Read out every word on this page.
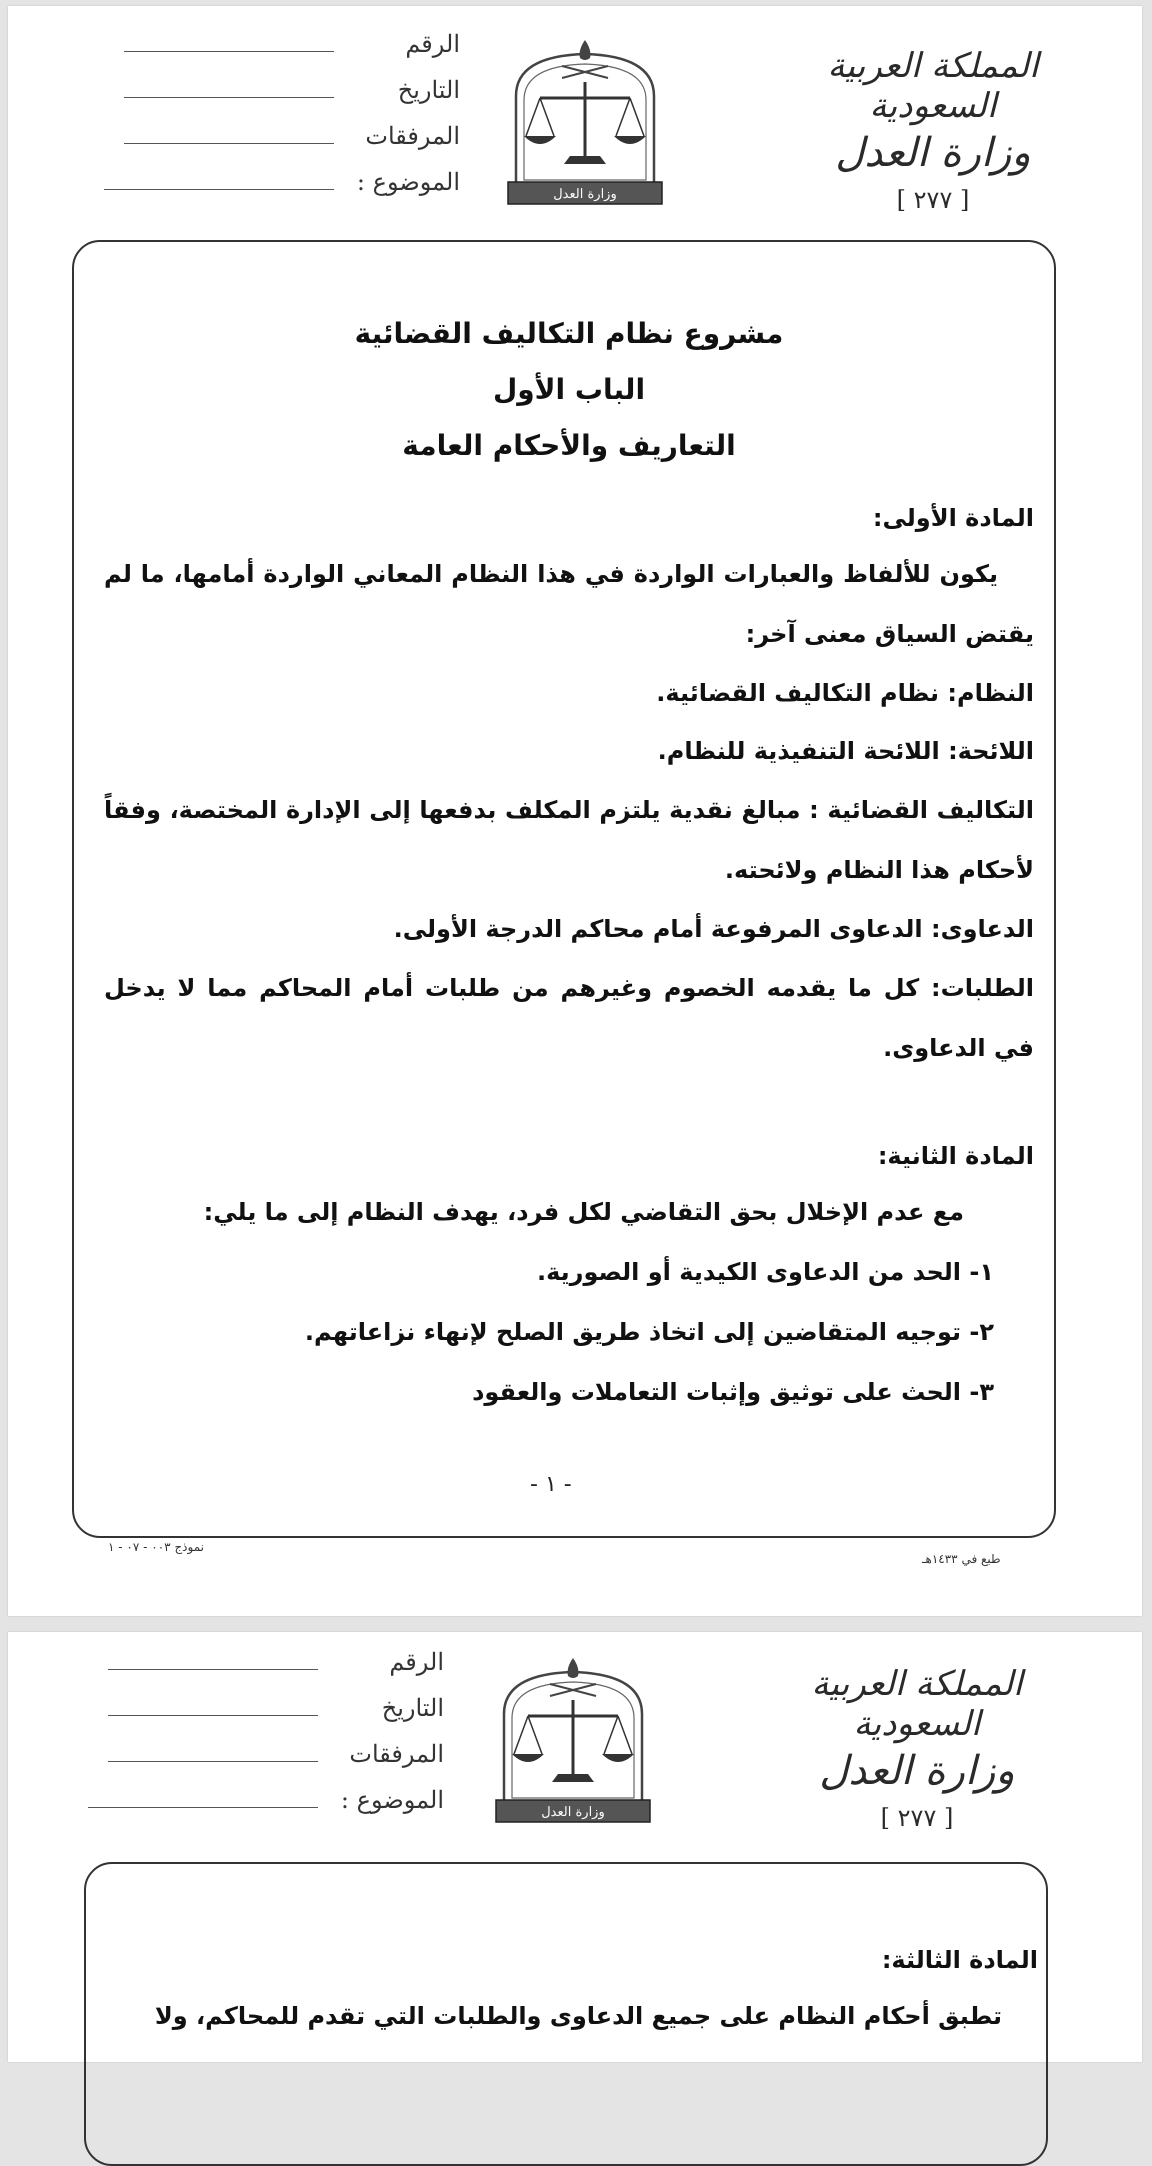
الرقم
التاريخ
المرفقات
الموضوع :	وزارة العدل
المملكة العربية السعودية
وزارة العدل
[ ٢٧٧ ]
مشروع نظام التكاليف القضائية
الباب الأول
التعاريف والأحكام العامة
المادة الأولى:
يكون للألفاظ والعبارات الواردة في هذا النظام المعاني الواردة أمامها، ما لم يقتض السياق معنى آخر:
النظام: نظام التكاليف القضائية.
اللائحة: اللائحة التنفيذية للنظام.
التكاليف القضائية : مبالغ نقدية يلتزم المكلف بدفعها إلى الإدارة المختصة، وفقاً لأحكام هذا النظام ولائحته.
الدعاوى: الدعاوى المرفوعة أمام محاكم الدرجة الأولى.
الطلبات: كل ما يقدمه الخصوم وغيرهم من طلبات أمام المحاكم مما لا يدخل في الدعاوى.
المادة الثانية:
مع عدم الإخلال بحق التقاضي لكل فرد، يهدف النظام إلى ما يلي:
١- الحد من الدعاوى الكيدية أو الصورية.
٢- توجيه المتقاضين إلى اتخاذ طريق الصلح لإنهاء نزاعاتهم.
٣- الحث على توثيق وإثبات التعاملات والعقود
- ١ -
نموذج ٠٠٣ - ٠٧ - ١
طبع في ١٤٣٣هـ
الرقم
التاريخ
المرفقات
الموضوع :	وزارة العدل
المملكة العربية السعودية
وزارة العدل
[ ٢٧٧ ]
المادة الثالثة:
تطبق أحكام النظام على جميع الدعاوى والطلبات التي تقدم للمحاكم، ولا
